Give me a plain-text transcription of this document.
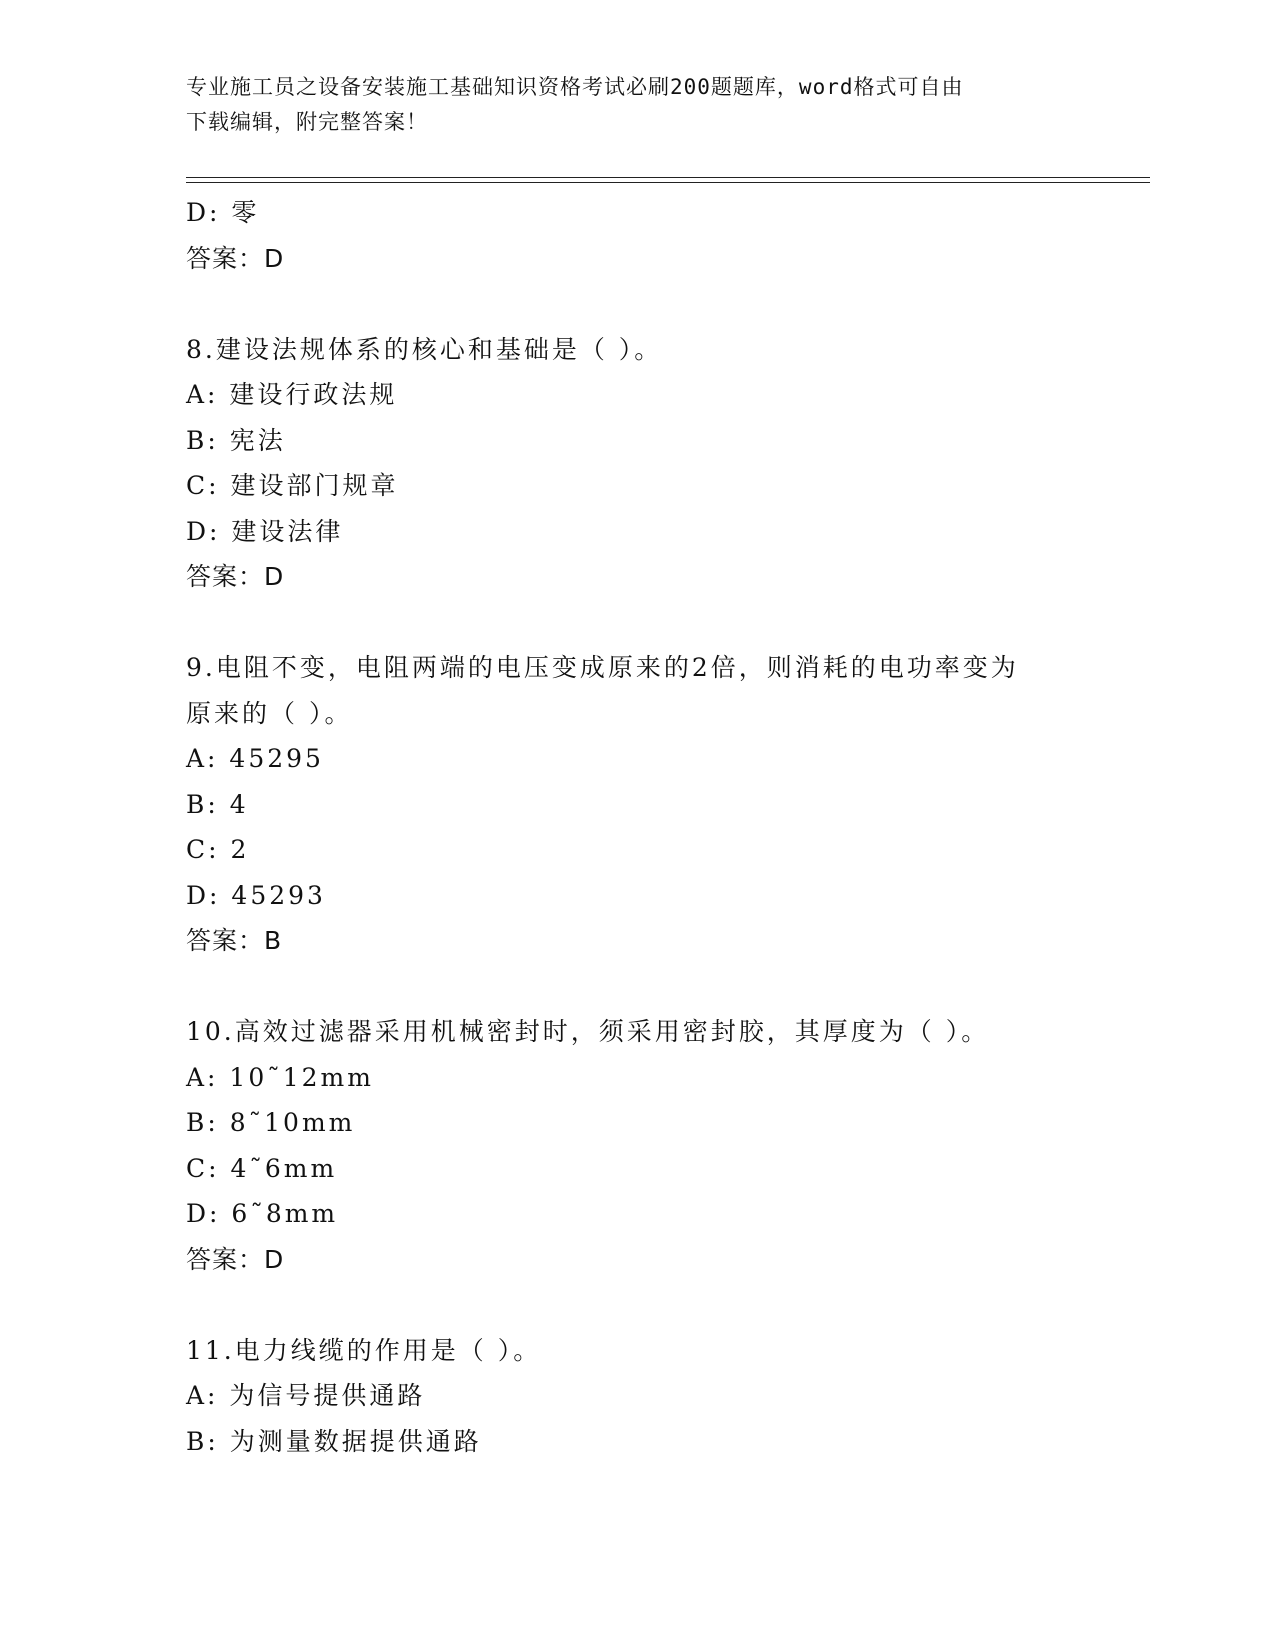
专业施工员之设备安装施工基础知识资格考试必刷200题题库，word格式可自由
下载编辑，附完整答案！
D: 零
答案：D
8.建设法规体系的核心和基础是（ ）。
A: 建设行政法规
B: 宪法
C: 建设部门规章
D: 建设法律
答案：D
9.电阻不变，电阻两端的电压变成原来的2倍，则消耗的电功率变为
原来的（ ）。
A: 45295
B: 4
C: 2
D: 45293
答案：B
10.高效过滤器采用机械密封时，须采用密封胶，其厚度为（ ）。
A: 10˜12mm
B: 8˜10mm
C: 4˜6mm
D: 6˜8mm
答案：D
11.电力线缆的作用是（ ）。
A: 为信号提供通路
B: 为测量数据提供通路
